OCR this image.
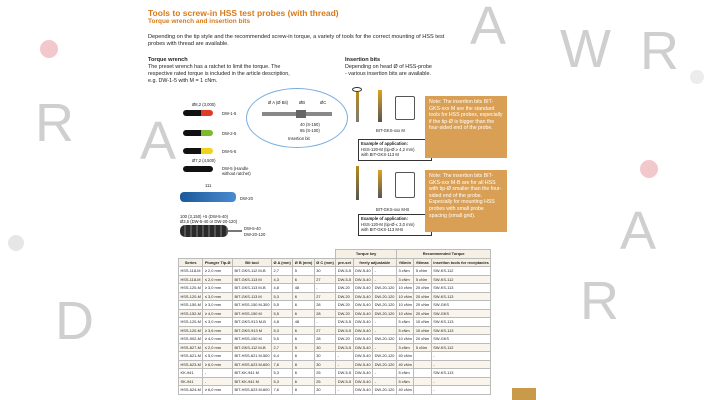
R
D
A W R
A
R
A
Tools to screw-in HSS test probes (with thread)
Torque wrench and insertion bits
Depending on the tip style and the recommended screw-in torque, a variety of tools for the correct mounting of HSS test probes with thread are available.
Torque wrench
The preset wrench has a ratchet to limit the torque. The respective rated torque is included in the article description, e.g. DW-1-5 with M = 1 cNm.
Insertion bits
Depending on head Ø of HSS-probe - various insertion bits are available.
Ø8,2 (3,000)
DW-1-5
DW-2-5
DW-5-5
Ø7,2 (4,500)
DW-5 (Handle without ratchet)
111
DW-20
100 (3,150) +5 (DW-5-40)
Ø3,5 (DW-5-40 or DW-20-120)
DW-5-40
DW-20-120
Ø A (Ø Bit)	ØB	ØC
40 (S-150)
65 (S-100)
Insertion bit
BIT-GKS-xxx M
Example of application:
HSS-120-M (tip-Ø ≥ 4,2 mm)
with BIT-GKS-113 M
BIT-GKS-xxx M-B
Example of application:
HSS-120-M (tip-Ø ≤ 3,0 mm)
with BIT-GKS-113 M-B
Note: The insertion bits BIT-GKS-xxx M are the standard tools for HSS probes, especially if the tip-Ø is bigger than the four-sided end of the probe.
Note: The insertion bits BIT-GKS-xxx M-B are for all HSS with tip-Ø smaller than the four-sided end of the probe. Especially for mounting HSS probes with small probe spacing (small grid).
						Torque key			Recommended Torque		
Series	Plunger Tip-Ø	Bit tool	Ø A (mm)	Ø B (mm)	Ø C (mm)	pre-set	freely adjustable		fit/min	fit/max	insertion tools for receptacles
HSS-118-M	≥ 2,0 mm	BIT-GKS-112 M-B	2,7	5	30	DW-5-5	DW-5-40	-	3 cNm	5 cNm	SW-KS-112
HSS-118-M	≤ 2,0 mm	BIT-GKS-113 M	4,3	6	27	DW-5-5	DW-5-40	-	3 cNm	5 cNm	SW-KS-112
HSS-120-M	≥ 3,0 mm	BIT-GKS-113 M-B	4,8	48	-	DW-20	DW-5-40	DW-20-120	10 cNm	20 cNm	SW-KS-113
HSS-120-M	≤ 3,0 mm	BIT-GKS-113 M	5,3	6	27	DW-20	DW-5-40	DW-20-120	10 cNm	20 cNm	SW-KS-113
HSS-150-M	≥ 3,0 mm	BIT-HSS-150 M-300	5,5	6	28	DW-20	DW-5-40	DW-20-120	10 cNm	20 cNm	SW-GKS
HSS-152-M	≥ 4,0 mm	BIT-HSS-150 M	5,5	6	28	DW-20	DW-5-40	DW-20-120	10 cNm	20 cNm	SW-GKS
HSS-120-M	≤ 3,0 mm	BIT-GKS-913 M-B	4,8	48	-	DW-5-5	DW-5-40	-	5 cNm	10 cNm	SW-KS-113
HSS-120-M	≥ 3,6 mm	BIT-GKS-913 M	5,3	6	27	DW-5-5	DW-5-40	-	5 cNm	10 cNm	SW-KS-113
HSS-902-M	≥ 4,0 mm	BIT-HSS-150 M	5,5	6	28	DW-20	DW-5-40	DW-20-120	10 cNm	20 cNm	SW-GKS
HSS-827-M	≤ 2,0 mm	BIT-GKS-112 M-B	2,7	5	30	DW-5-5	DW-5-40	-	3 cNm	5 cNm	SW-KS-112
HSS-621-M	≤ 5,0 mm	BIT-HSS-621 M-500	6,4	6	30	-	DW-5-40	DW-20-120	40 cNm		-
HSS-623-M	≥ 6,0 mm	BIT-HSS-623 M-600	7,6	8	30	-	DW-5-40	DW-20-120	40 cNm		-
KK-941	-	BIT-KK-941 M	5,3	6	25	DW-5-5	DW-5-40	-	5 cNm		SW-KS-113
SK-941	-	BIT-KK-941 M	5,3	6	25	DW-5-5	DW-5-40	-	5 cNm		-
HSS-624-M	≥ 6,0 mm	BIT-HSS-623 M-600	7,6	8	30	-	DW-5-40	DW-20-120	40 cNm		-
